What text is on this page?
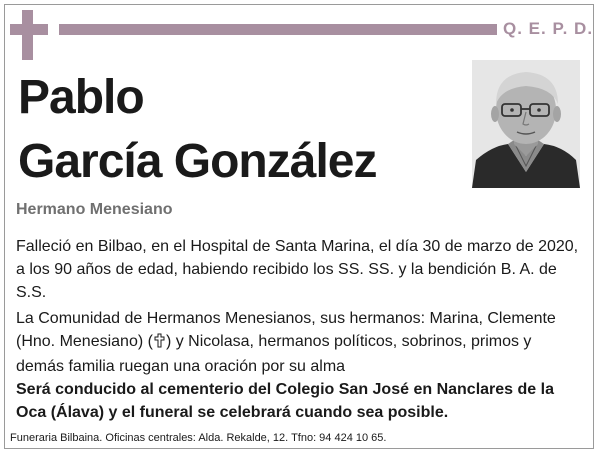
Q. E. P. D.
Pablo
García González
Hermano Menesiano
Falleció en Bilbao, en el Hospital de Santa Marina, el día 30 de marzo de 2020, a los 90 años de edad, habiendo recibido los SS. SS. y la bendición B. A. de S.S.
La Comunidad de Hermanos Menesianos, sus hermanos: Marina, Clemente (Hno. Menesiano) ( ) y Nicolasa, hermanos políticos, sobrinos, primos y demás familia ruegan una oración por su alma
Será conducido al cementerio del Colegio San José en Nanclares de la Oca (Álava) y el funeral se celebrará cuando sea posible.
Funeraria Bilbaina. Oficinas centrales: Alda. Rekalde, 12. Tfno: 94 424 10 65.
